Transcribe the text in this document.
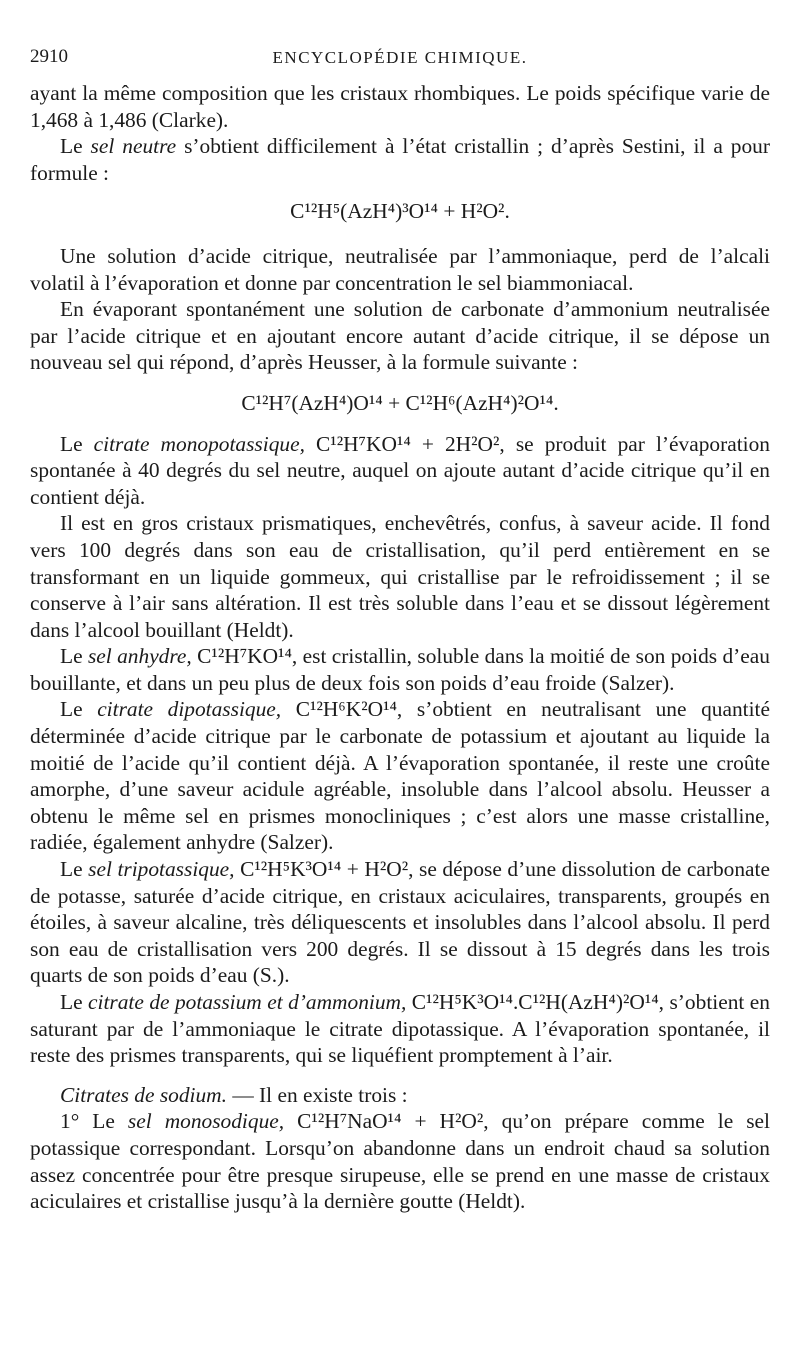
2910	ENCYCLOPÉDIE CHIMIQUE.

ayant la même composition que les cristaux rhombiques. Le poids spécifique varie de 1,468 à 1,486 (Clarke).

Le sel neutre s’obtient difficilement à l’état cristallin ; d’après Sestini, il a pour formule :

C¹²H⁵(AzH⁴)³O¹⁴ + H²O².

Une solution d’acide citrique, neutralisée par l’ammoniaque, perd de l’alcali volatil à l’évaporation et donne par concentration le sel biammoniacal.

En évaporant spontanément une solution de carbonate d’ammonium neutralisée par l’acide citrique et en ajoutant encore autant d’acide citrique, il se dépose un nouveau sel qui répond, d’après Heusser, à la formule suivante :

C¹²H⁷(AzH⁴)O¹⁴ + C¹²H⁶(AzH⁴)²O¹⁴.

Le citrate monopotassique, C¹²H⁷KO¹⁴ + 2H²O², se produit par l’évaporation spontanée à 40 degrés du sel neutre, auquel on ajoute autant d’acide citrique qu’il en contient déjà.

Il est en gros cristaux prismatiques, enchevêtrés, confus, à saveur acide. Il fond vers 100 degrés dans son eau de cristallisation, qu’il perd entièrement en se transformant en un liquide gommeux, qui cristallise par le refroidissement ; il se conserve à l’air sans altération. Il est très soluble dans l’eau et se dissout légèrement dans l’alcool bouillant (Heldt).

Le sel anhydre, C¹²H⁷KO¹⁴, est cristallin, soluble dans la moitié de son poids d’eau bouillante, et dans un peu plus de deux fois son poids d’eau froide (Salzer).

Le citrate dipotassique, C¹²H⁶K²O¹⁴, s’obtient en neutralisant une quantité déterminée d’acide citrique par le carbonate de potassium et ajoutant au liquide la moitié de l’acide qu’il contient déjà. A l’évaporation spontanée, il reste une croûte amorphe, d’une saveur acidule agréable, insoluble dans l’alcool absolu. Heusser a obtenu le même sel en prismes monocliniques ; c’est alors une masse cristalline, radiée, également anhydre (Salzer).

Le sel tripotassique, C¹²H⁵K³O¹⁴ + H²O², se dépose d’une dissolution de carbonate de potasse, saturée d’acide citrique, en cristaux aciculaires, transparents, groupés en étoiles, à saveur alcaline, très déliquescents et insolubles dans l’alcool absolu. Il perd son eau de cristallisation vers 200 degrés. Il se dissout à 15 degrés dans les trois quarts de son poids d’eau (S.).

Le citrate de potassium et d’ammonium, C¹²H⁵K³O¹⁴.C¹²H(AzH⁴)²O¹⁴, s’obtient en saturant par de l’ammoniaque le citrate dipotassique. A l’évaporation spontanée, il reste des prismes transparents, qui se liquéfient promptement à l’air.

Citrates de sodium. — Il en existe trois :

1° Le sel monosodique, C¹²H⁷NaO¹⁴ + H²O², qu’on prépare comme le sel potassique correspondant. Lorsqu’on abandonne dans un endroit chaud sa solution assez concentrée pour être presque sirupeuse, elle se prend en une masse de cristaux aciculaires et cristallise jusqu’à la dernière goutte (Heldt).
